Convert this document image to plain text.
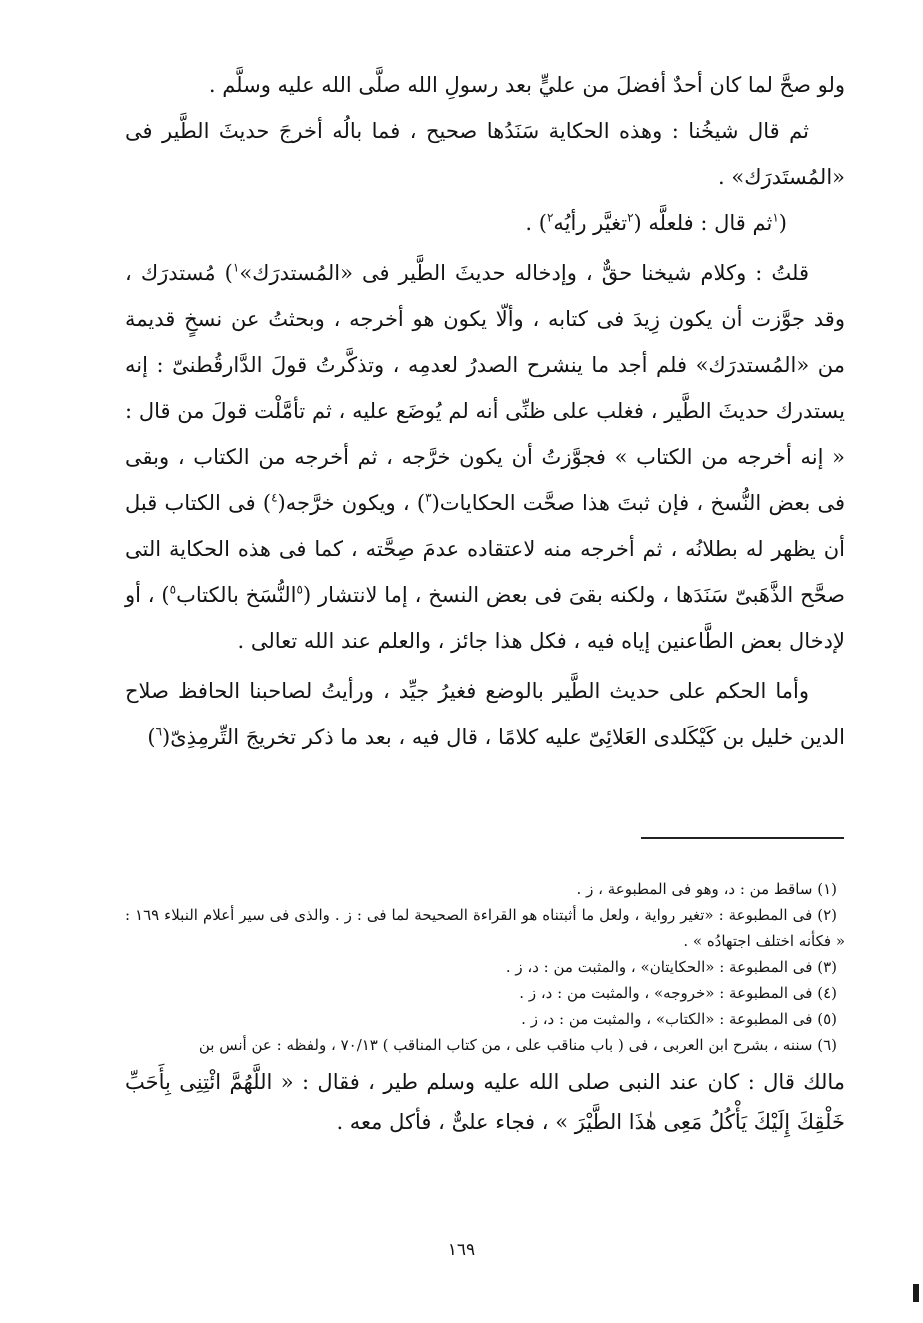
ولو صحَّ لما كان أحدٌ أفضلَ من عليٍّ بعد رسولِ الله صلَّى الله عليه وسلَّم .

ثم قال شيخُنا : وهذه الحكاية سَنَدُها صحيح ، فما بالُه أخرجَ حديثَ الطَّير فى «المُستَدرَك» .

($^١$ثم قال : فلعلَّه ($^٢$تغيَّر رأيُه$^٢$) .

قلتُ : وكلام شيخنا حقٌّ ، وإدخاله حديثَ الطَّير فى «المُستدرَك»$^١$) مُستدرَك ، وقد جوَّزت أن يكون زِيدَ فى كتابه ، وألّا يكون هو أخرجه ، وبحثتُ عن نسخٍ قديمة من «المُستدرَك» فلم أجد ما ينشرح الصدرُ لعدمِه ، وتذكَّرتُ قولَ الدَّارقُطنىّ : إنه يستدرك حديثَ الطَّير ، فغلب على ظنِّى أنه لم يُوضَع عليه ، ثم تأمَّلْت قولَ من قال : « إنه أخرجه من الكتاب » فجوَّزتُ أن يكون خرَّجه ، ثم أخرجه من الكتاب ، وبقى فى بعض النُّسخ ، فإن ثبتَ هذا صحَّت الحكايات($^٣$) ، ويكون خرَّجه($^٤$) فى الكتاب قبل أن يظهر له بطلانُه ، ثم أخرجه منه لاعتقاده عدمَ صِحَّته ، كما فى هذه الحكاية التى صحَّح الذَّهَبىّ سَنَدَها ، ولكنه بقىَ فى بعض النسخ ، إما لانتشار ($^٥$النُّسَخ بالكتاب$^٥$) ، أو لإدخال بعض الطَّاعنين إياه فيه ، فكل هذا جائز ، والعلم عند الله تعالى .

وأما الحكم على حديث الطَّير بالوضع فغيرُ جيِّد ، ورأيتُ لصاحبنا الحافظ صلاح الدين خليل بن كَيْكَلدى العَلائِىّ عليه كلامًا ، قال فيه ، بعد ما ذكر تخريجَ التِّرمِذِىّ($^٦$)

(١) ساقط من : د، وهو فى المطبوعة ، ز .

(٢) فى المطبوعة : «تغير رواية ، ولعل ما أثبتناه هو القراءة الصحيحة لما فى : ز . والذى فى سير أعلام النبلاء ١٦٩ : « فكأنه اختلف اجتهادُه » .

(٣) فى المطبوعة : «الحكايتان» ، والمثبت من : د، ز .

(٤) فى المطبوعة : «خروجه» ، والمثبت من : د، ز .

(٥) فى المطبوعة : «الكتاب» ، والمثبت من : د، ز .

(٦) سننه ، بشرح ابن العربى ، فى ( باب مناقب على ، من كتاب المناقب ) ٧٠/١٣ ، ولفظه : عن أنس بن

مالك قال : كان عند النبى صلى الله عليه وسلم طير ، فقال : « اللَّهُمَّ ائْتِنِى بِأَحَبِّ خَلْقِكَ إِلَيْكَ يَأْكُلُ مَعِى هٰذَا الطَّيْرَ » ، فجاء علىٌّ ، فأكل معه .

١٦٩
